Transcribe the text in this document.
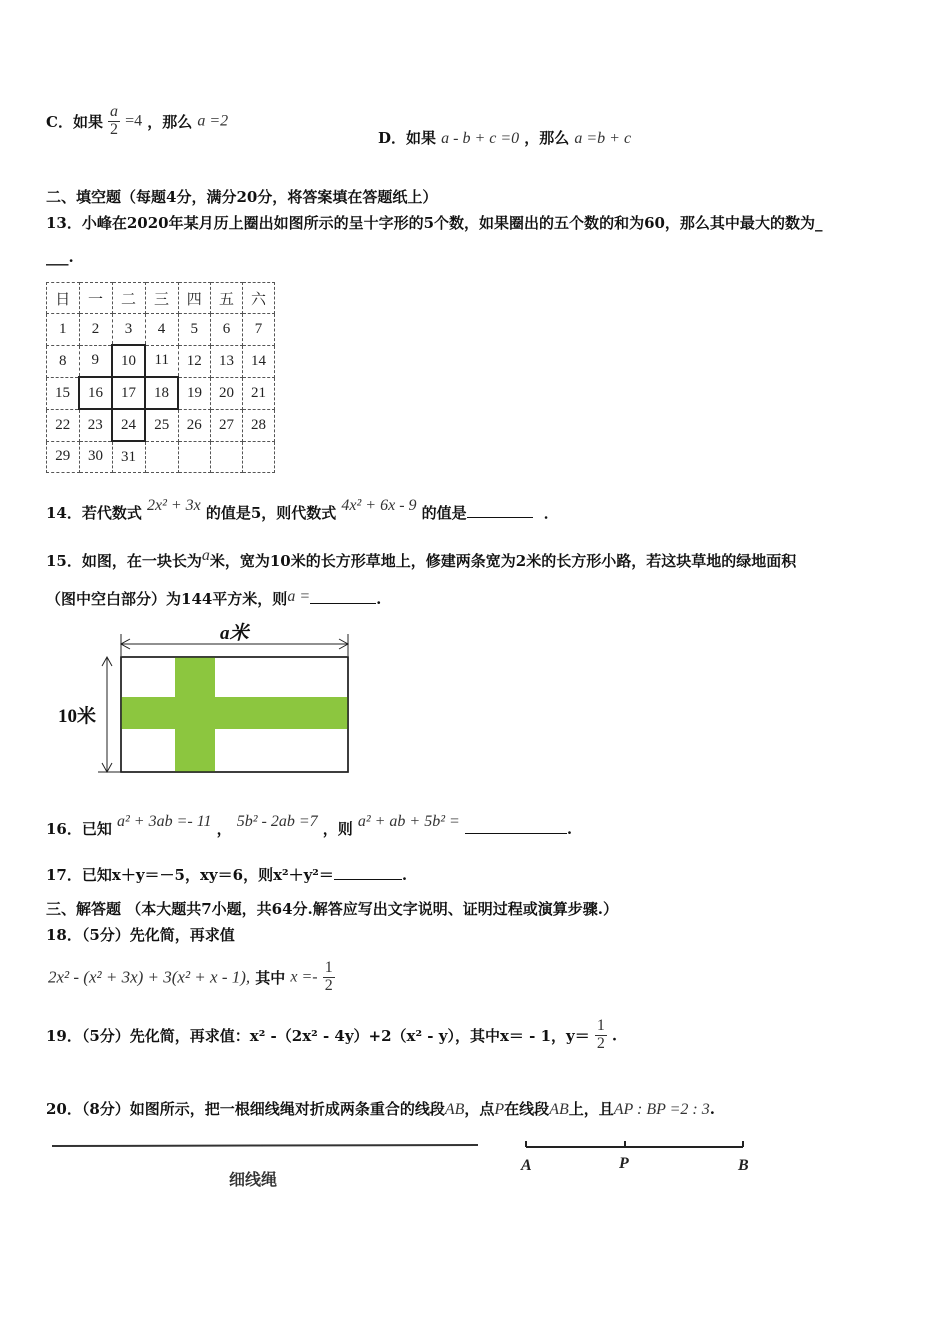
C．如果 $\frac{a}{2} =4$ ，那么 a =2
D．如果 a - b + c =0 ，那么 a =b + c
二、填空题（每题4分，满分20分，将答案填在答题纸上）
13．小峰在2020年某月历上圈出如图所示的呈十字形的5个数，如果圈出的五个数的和为60，那么其中最大的数为_
___.
日	一	二	三	四	五	六
1	2	3	4	5	6	7
8	9	10	11	12	13	14
15	16	17	18	19	20	21
22	23	24	25	26	27	28
29	30	31				
14．若代数式 2x² + 3x 的值是5，则代数式 4x² + 6x - 9 的值是	．
15．如图，在一块长为a米，宽为10米的长方形草地上，修建两条宽为2米的长方形小路，若这块草地的绿地面积
（图中空白部分）为144平方米，则a =	.
a米
10米
16．已知 a² + 3ab =- 11 ， 5b² - 2ab =7 ，则 a² + ab + 5b² =	.
17．已知x＋y＝－5，xy＝6，则x²＋y²＝	.
三、解答题 （本大题共7小题，共64分.解答应写出文字说明、证明过程或演算步骤.）
18．（5分）先化简，再求值
2x² - (x² + 3x) + 3(x² + x - 1), 其中 $x =- \frac{1}{2}$
19．（5分）先化简，再求值：x² -（2x² - 4y）+2（x² - y），其中x＝ - 1，$y= \frac{1}{2}$ .
20．（8分）如图所示，把一根细线绳对折成两条重合的线段AB，点P在线段AB上，且AP : BP =2 : 3.
细线绳
A	P	B
